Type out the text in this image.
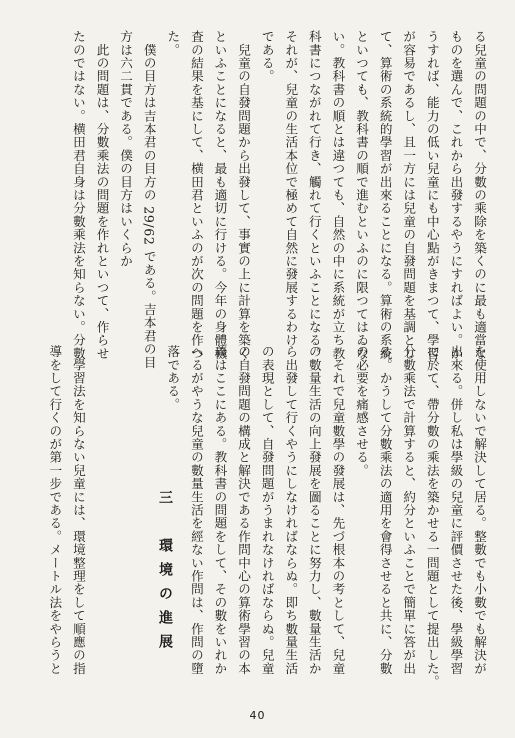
る兒童の問題の中で、分數の乘除を築くのに最も適當な
ものを選んで、これから出發するやうにすればよい。か
うすれば、能力の低い兒童にも中心點がきまつて、學習
が容易であるし、且一方には兒童の自發問題を基調とし
て、算術の系統的學習が出來ることになる。算術の系統
といつても、教科書の順で進むといふのに限つてはゐな
い。教科書の順とは違つても、自然の中に系統が立ち教
科書につながれて行き、觸れて行くといふことになる。
それが、兒童の生活本位で極めて自然に發展するわけ
である。
　兒童の自發問題から出發して、事實の上に計算を築く
といふことになると、最も適切に行ける。今年の身體檢
査の結果を基にして、横田君といふのが次の問題を作つ
た。
　僕の目方は吉本君の目方の 29/62 である。吉本君の目
方は六二貫である。僕の目方はいくらか
　此の問題は、分數乘法の問題を作れといつて、作らせ
たのではない。横田君自身は分數乘法を知らない。分數
を使用しないで解決して居る。整數でも小數でも解決が
出來る。併し私は學級の兒童に評價させた後、學級學習
に於て、帶分數の乘法を築かせる一問題として提出した。
分數乘法で計算すると、約分といふことで簡單に答が出
る。かうして分數乘法の適用を會得させると共に、分數
の必要を痛感させる。
　それで兒童數學の發展は、先づ根本の考として、兒童
の數量生活の向上發展を圖ることに努力し、數量生活か
ら出發して行くやうにしなければならぬ。即ち數量生活
の表現として、自發問題がうまれなければならぬ。兒童
の自發問題の構成と解決である作問中心の算術學習の本
義はここにある。教科書の問題をして、その數をいれか
へるがやうな兒童の數量生活を經ない作問は、作問の墮
落である。

　學習法を知らない兒童には、環境整理をして順應の指
導をして行くのが第一步である。メートル法をやらうと	三　環境の進展
40
